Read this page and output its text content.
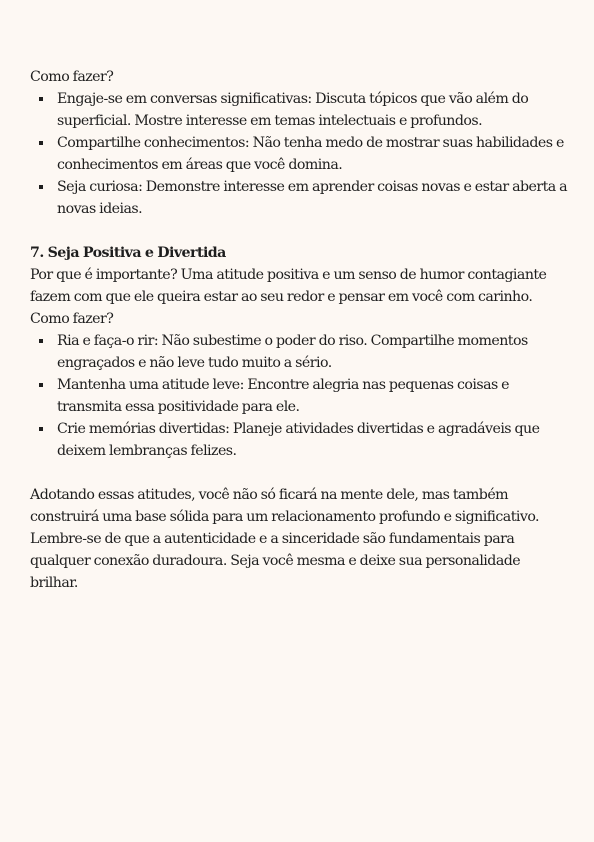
Como fazer?

Engaje-se em conversas significativas: Discuta tópicos que vão além do superficial. Mostre interesse em temas intelectuais e profundos.
Compartilhe conhecimentos: Não tenha medo de mostrar suas habilidades e conhecimentos em áreas que você domina.
Seja curiosa: Demonstre interesse em aprender coisas novas e estar aberta a novas ideias.
7. Seja Positiva e Divertida

Por que é importante? Uma atitude positiva e um senso de humor contagiante fazem com que ele queira estar ao seu redor e pensar em você com carinho.

Como fazer?

Ria e faça-o rir: Não subestime o poder do riso. Compartilhe momentos engraçados e não leve tudo muito a sério.
Mantenha uma atitude leve: Encontre alegria nas pequenas coisas e transmita essa positividade para ele.
Crie memórias divertidas: Planeje atividades divertidas e agradáveis que deixem lembranças felizes.

Adotando essas atitudes, você não só ficará na mente dele, mas também construirá uma base sólida para um relacionamento profundo e significativo. Lembre-se de que a autenticidade e a sinceridade são fundamentais para qualquer conexão duradoura. Seja você mesma e deixe sua personalidade brilhar.
